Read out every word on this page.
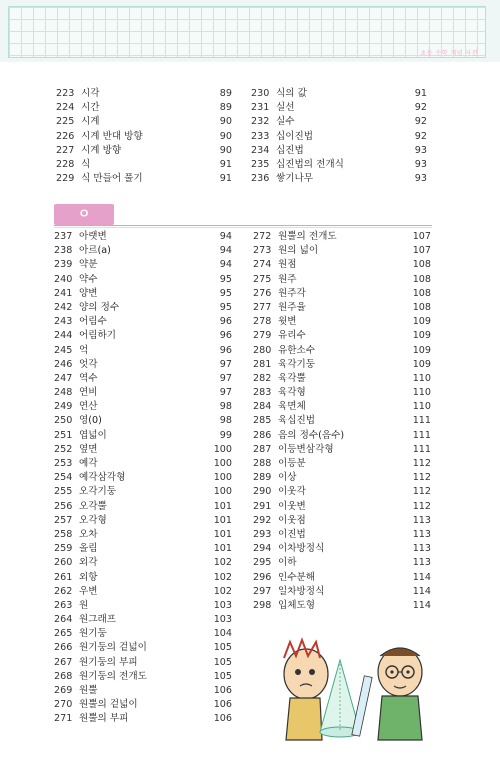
초등 수학 개념 사전
223 시각	89
224 시간	89
225 시계	90
226 시계 반대 방향	90
227 시계 방향	90
228 식	91
229 식 만들어 풀기	91
230 식의 값	91
231 실선	92
232 실수	92
233 십이진법	92
234 십진법	93
235 십진법의 전개식	93
236 쌓기나무	93
ㅇ
237 아랫변	94
238 아르(a)	94
239 약분	94
240 약수	95
241 양변	95
242 양의 정수	95
243 어림수	96
244 어림하기	96
245 억	96
246 엇각	97
247 역수	97
248 연비	97
249 연산	98
250 영(0)	98
251 엽넓이	99
252 옆면	100
253 예각	100
254 예각삼각형	100
255 오각기둥	100
256 오각뿔	101
257 오각형	101
258 오차	101
259 올림	101
260 외각	102
261 외항	102
262 우변	102
263 원	103
264 원그래프	103
265 원기둥	104
266 원기둥의 겉넓이	105
267 원기둥의 부피	105
268 원기둥의 전개도	105
269 원뿔	106
270 원뿔의 겉넓이	106
271 원뿔의 부피	106
272 원뿔의 전개도	107
273 원의 넓이	107
274 원점	108
275 원주	108
276 원주각	108
277 원주율	108
278 윗변	109
279 유리수	109
280 유한소수	109
281 육각기둥	109
282 육각뿔	110
283 육각형	110
284 육면체	110
285 육십진법	111
286 음의 정수(음수)	111
287 이등변삼각형	111
288 이등분	112
289 이상	112
290 이웃각	112
291 이웃변	112
292 이웃점	113
293 이진법	113
294 이차방정식	113
295 이하	113
296 인수분해	114
297 일차방정식	114
298 입체도형	114
